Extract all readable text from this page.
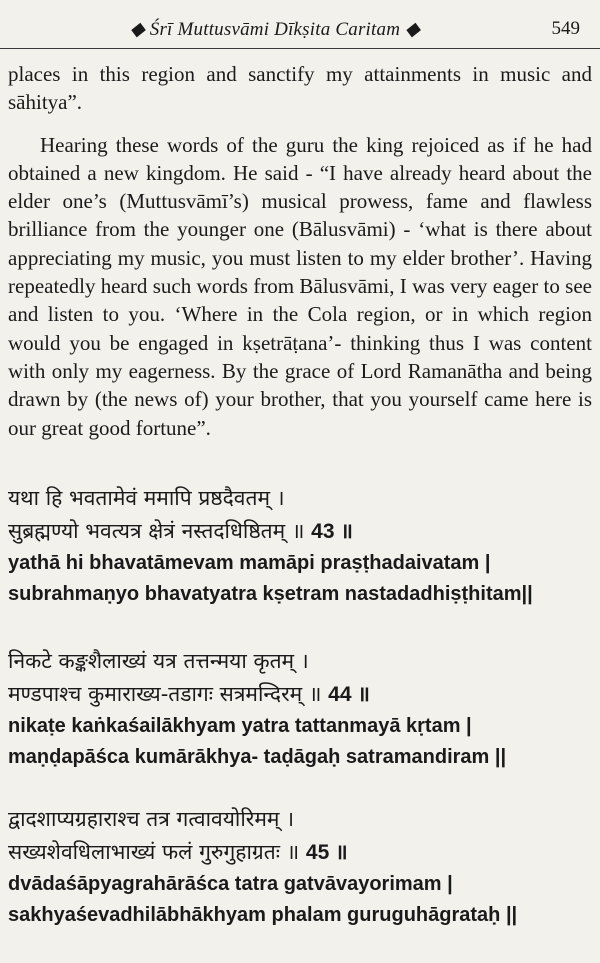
◆ Śrī Muttusvāmi Dīkṣita Caritam ◆	549

places in this region and sanctify my attainments in music and sāhitya”.

Hearing these words of the guru the king rejoiced as if he had obtained a new kingdom. He said - “I have already heard about the elder one’s (Muttusvāmī’s) musical prowess, fame and flawless brilliance from the younger one (Bālusvāmi) - ‘what is there about appreciating my music, you must listen to my elder brother’. Having repeatedly heard such words from Bālusvāmi, I was very eager to see and listen to you. ‘Where in the Cola region, or in which region would you be engaged in kṣetrāṭana’- thinking thus I was content with only my eagerness. By the grace of Lord Ramanātha and being drawn by (the news of) your brother, that you yourself came here is our great good fortune”.

यथा हि भवतामेवं ममापि प्रष्ठदैवतम् ।
सुब्रह्मण्यो भवत्यत्र क्षेत्रं नस्तदधिष्ठितम् ॥ 43 ॥
yathā hi bhavatāmevam mamāpi praṣṭhadaivatam |
subrahmaṇyo bhavatyatra kṣetram nastadadhiṣṭhitam||
निकटे कङ्कशैलाख्यं यत्र तत्तन्मया कृतम् ।
मण्डपाश्च कुमाराख्य-तडागः सत्रमन्दिरम् ॥ 44 ॥
nikaṭe kaṅkaśailākhyam yatra tattanmayā kṛtam |
maṇḍapāśca kumārākhya- taḍāgaḥ satramandiram ||
द्वादशाप्यग्रहाराश्च तत्र गत्वावयोरिमम् ।
सख्यशेवधिलाभाख्यं फलं गुरुगुहाग्रतः ॥ 45 ॥
dvādaśāpyagrahārāśca tatra gatvāvayorimam |
sakhyaśevadhilābhākhyam phalam guruguhāgrataḥ ||
